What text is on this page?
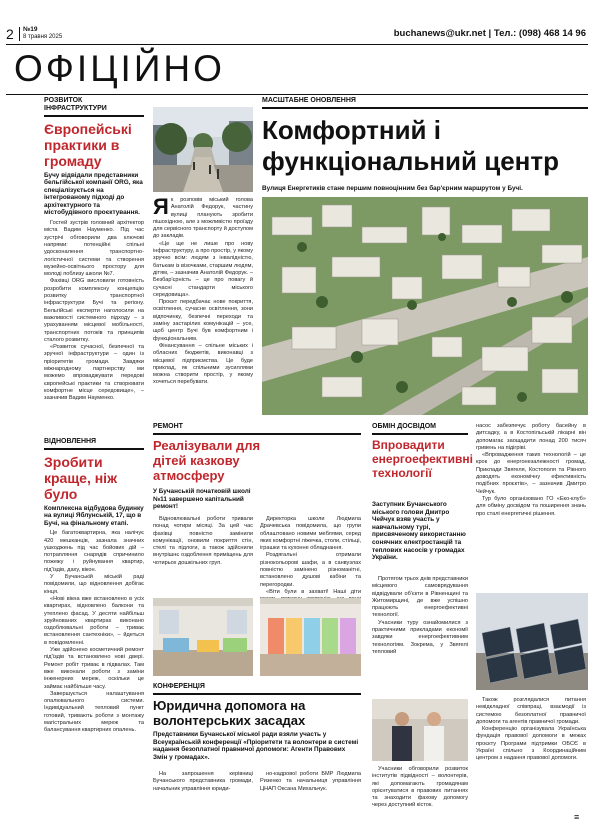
2 №19
8 травня 2025	buchanews@ukr.net | Тел.: (098) 468 14 96
ОФІЦІЙНО
РОЗВИТОК ІНФРАСТРУКТУРИ
Європейські практики в громаду
Бучу відвідали представники бельгійської компанії ORG, яка спеціалізується на інтегрованому підході до архітектурного та містобудівного проєктування.

Гостей зустрів головний архітектор міста Вадим Науменко. Під час зустрічі обговорили два ключові напрями: потенційні спільні удосконалення транспортно-логістичної системи та створення музейно-освітнього простору для молоді поблизу школи №7.

Фахівці ORG висловили готовність розробити комплексну концепцію розвитку транспортної інфраструктури Бучі та регіону. Бельгійські експерти наголосили на важливості системного підходу – з урахуванням місцевої мобільності, транспортних потоків та принципів сталого розвитку.

«Розвиток сучасної, безпечної та зручної інфраструктури – один із пріоритетів громади. Завдяки міжнародному партнерству ми можемо впроваджувати передові європейські практики та створювати комфортне місце середовище», – зазначив Вадим Науменко.

ВІДНОВЛЕННЯ
Зробити краще, ніж було
Комплексна відбудова будинку на вулиці Яблунській, 17, що в Бучі, на фінальному етапі.

Це багатоквартирна, яка налічує 420 мешканців, зазнала значних ушкоджень під час бойових дій – потрапляння снарядів спричинило пожежу і руйнування квартир, під'їздів, даху, вікон.

У Бучанській міській раді повідомили, що відновлення добігає кінця.

«Нові вікна вже встановлено в усіх квартирах, відновлено балкони та утеплено фасад. У десяти найбільш зруйнованих квартирах виконано оздоблювальні роботи – триває встановлення сантехніки», – йдеться в повідомленні.

Уже здійснено косметичний ремонт під'їздів та встановлено нові двері. Ремонт робіт триває в підвалах. Там вже виконали роботи з заміни інженерних мереж, оскільки це займає найбільше часу.

Завершується налаштування опалювального системи. Індивідуальний тепловий пункт готовий, тривають роботи з монтажу магістральних мереж та балансування квартирних опалень.

МАСШТАБНЕ ОНОВЛЕННЯ
Комфортний і
функціональний центр
Вулиця Енергетиків стане першим повноцінним без бар'єрним маршрутом у Бучі.

Як розповів міський голова Анатолій Федорук, частину вулиці планують зробити пішохідною, але з можливістю проїзду для сервісного транспорту й доступом до закладів.

«Це ще не лише про нову інфраструктуру, а про простір, у якому зручно всім: людям з інвалідністю, батькам із візочками, старшим людям, дітям, – зазначив Анатолій Федорук. – Безбар'єрність – це про повагу й сучасні стандарти міського середовища».

Проєкт передбачає нове покриття, освітлення, сучасне освітлення, зони відпочинку, безпечні переходи та заміну застарілих комунікацій – усе, щоб центр Бучі був комфортним і функціональним.

Фінансування – спільне міських і обласних бюджетів, виконавці з місцевої підприємства. Це буде приклад, як спільними зусиллями можна створити простір, у якому хочеться перебувати.

РЕМОНТ
Реалізували для дітей казкову атмосферу
У Бучанській початковій школі №11 завершено капітальний ремонт!

Відновлювальні роботи тривали понад чотири місяці. За цей час фахівці повністю замінили комунікації, оновили покриття стін, стелі та підлоги, а також здійснили внутрішнє оздоблення приміщень для чотирьох дошкільних груп.

Директорка школи Людмила Драчевська повідомила, що групи облаштовано новими меблями, серед яких комфортні ліжечка, столи, стільці, іграшки та кухонне обладнання.

Роздягальні отримали різнокольорові шафи, а в санвузлах повністю замінено різноманітні, встановлено душові кабіни та перегородки.

«Віти були в захваті! Наші діти

КОНФЕРЕНЦІЯ
Юридична допомога на волонтерських засадах
Представники Бучанської міської ради взяли участь у Всеукраїнській конференції «Пріоритети та волонтери в системі надання безоплатної правничої допомоги: Агенти Правових Змін у громадах».

На запрошення керівниці Бучанського представника громади, начальник управління юриди-

но-кадрової роботи БМР Людмила Ризенко та начальниця управління ЦНАП Оксана Михальчук.

ОБМІН ДОСВІДОМ
Впровадити енергоефективні технології
Заступник Бучанського міського голови Дмитро Чейчук взяв участь у навчальному турі, присвяченому використанню сонячних електростанцій та теплових насосів у громадах України.

Протягом трьох днів представники місцевого самоврядування відвідували об'єкти в Рівненщині та Житомирщині, де вже успішно працюють енергоефективні технології.

Учасники туру ознайомилися з практичними прикладами економії завдяки енергоефективним технологіям. Зокрема, у Звягелі тепловий

насос забезпечує роботу басейну в дитсадку, а в Костопільській лікарні він допомагає заощадити понад 200 тисяч гривень на підігріві.

«Впровадження таких технологій – це крок до енергонезалежності громад. Приклади Звягеля, Костополя та Рівного доводять економічну ефективність подібних проєктів», – зазначив Дмитро Чейчук.

Тур було організовано ГО «Еко-клуб» для обміну досвідом та поширення знань про сталі енергетичні рішення.

Учасники обговорили розвиток інститутів підвідності – волонтерів, які допомагають громадянам орієнтуватися в правових питаннях та знаходити фахову допомогу через доступний кісток.

Також розглядалися питання невідкладної співпраці, взаємодії із системою безоплатної правничої допомоги та агентів правничої громади.

Конференцію організувала Українська фундація правової допомоги в межах проєкту Програми підтримки ОБСЄ в Україні спільно з Координаційним центром з надання правової допомоги.

≡
